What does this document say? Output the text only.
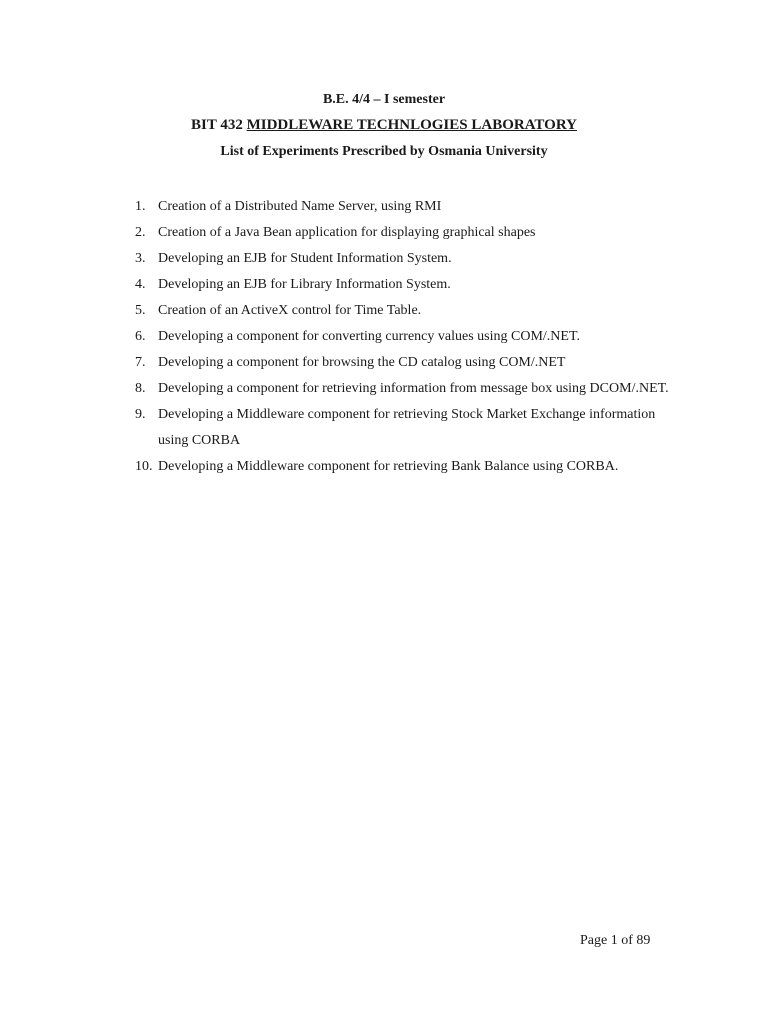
B.E. 4/4 – I semester
BIT 432 MIDDLEWARE TECHNLOGIES LABORATORY
List of Experiments Prescribed by Osmania University
1. Creation of a Distributed Name Server, using RMI
2. Creation of a Java Bean application for displaying graphical shapes
3. Developing an EJB for Student Information System.
4. Developing an EJB for Library Information System.
5. Creation of an ActiveX control for Time Table.
6. Developing a component for converting currency values using COM/.NET.
7. Developing a component for browsing the CD catalog using COM/.NET
8. Developing a component for retrieving information from message box using DCOM/.NET.
9. Developing a Middleware component for retrieving Stock Market Exchange information using CORBA
10. Developing a Middleware component for retrieving Bank Balance using CORBA.
Page 1 of 89
